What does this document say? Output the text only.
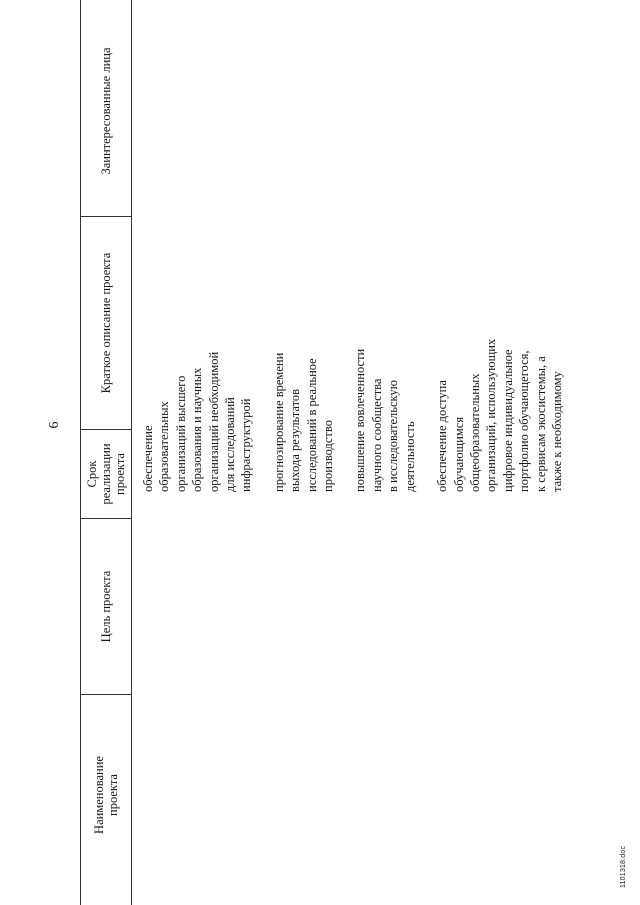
6
Наименование
проекта
Цель проекта
Срок
реализации
проекта
Краткое описание проекта
Заинтересованные лица
обеспечение
образовательных
организаций высшего
образования и научных
организаций необходимой
для исследований
инфраструктурой прогнозирование времени
выхода результатов
исследований в реальное
производство повышение вовлеченности
научного сообщества
в исследовательскую
деятельность обеспечение доступа
обучающимся
общеобразовательных
организаций, использующих
цифровое индивидуальное
портфолио обучающегося,
к сервисам экосистемы, а
также к необходимому
1101318.doc
